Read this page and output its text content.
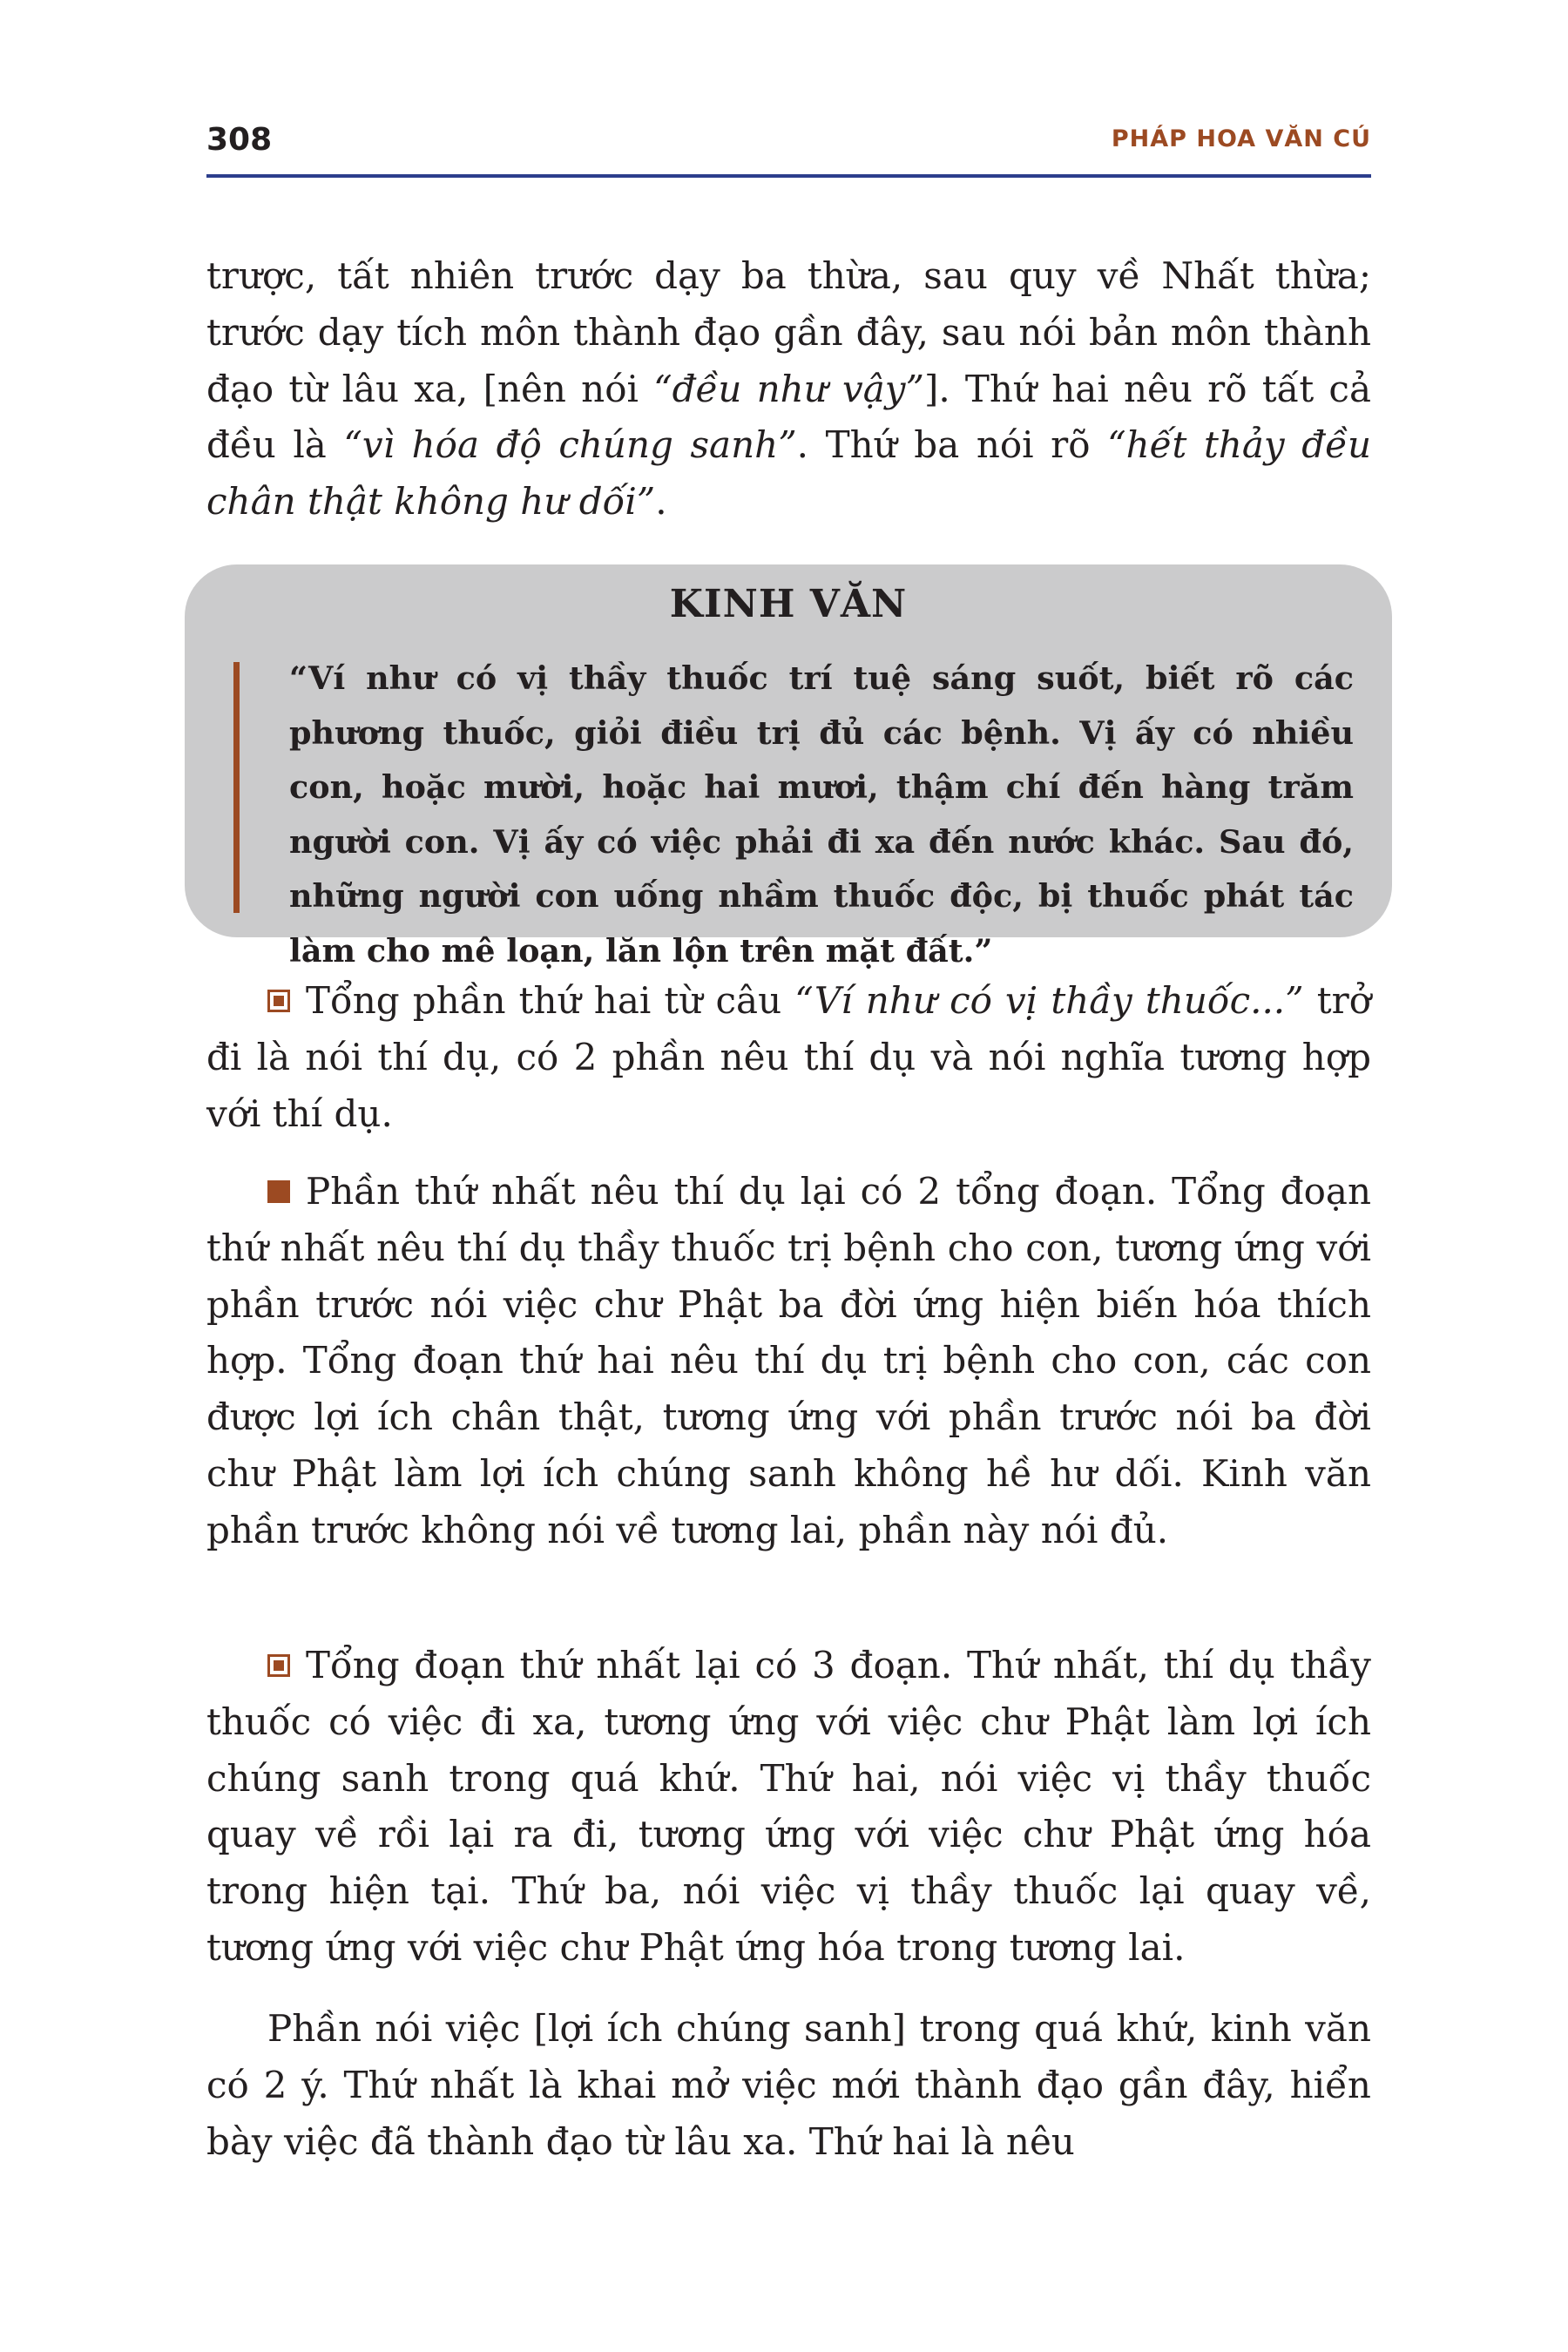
308	PHÁP HOA VĂN CÚ

trược, tất nhiên trước dạy ba thừa, sau quy về Nhất thừa; trước dạy tích môn thành đạo gần đây, sau nói bản môn thành đạo từ lâu xa, [nên nói “đều như vậy”]. Thứ hai nêu rõ tất cả đều là “vì hóa độ chúng sanh”. Thứ ba nói rõ “hết thảy đều chân thật không hư dối”.

KINH VĂN

“Ví như có vị thầy thuốc trí tuệ sáng suốt, biết rõ các phương thuốc, giỏi điều trị đủ các bệnh. Vị ấy có nhiều con, hoặc mười, hoặc hai mươi, thậm chí đến hàng trăm người con. Vị ấy có việc phải đi xa đến nước khác. Sau đó, những người con uống nhầm thuốc độc, bị thuốc phát tác làm cho mê loạn, lăn lộn trên mặt đất.”

Tổng phần thứ hai từ câu “Ví như có vị thầy thuốc...” trở đi là nói thí dụ, có 2 phần nêu thí dụ và nói nghĩa tương hợp với thí dụ.

Phần thứ nhất nêu thí dụ lại có 2 tổng đoạn. Tổng đoạn thứ nhất nêu thí dụ thầy thuốc trị bệnh cho con, tương ứng với phần trước nói việc chư Phật ba đời ứng hiện biến hóa thích hợp. Tổng đoạn thứ hai nêu thí dụ trị bệnh cho con, các con được lợi ích chân thật, tương ứng với phần trước nói ba đời chư Phật làm lợi ích chúng sanh không hề hư dối. Kinh văn phần trước không nói về tương lai, phần này nói đủ.

Tổng đoạn thứ nhất lại có 3 đoạn. Thứ nhất, thí dụ thầy thuốc có việc đi xa, tương ứng với việc chư Phật làm lợi ích chúng sanh trong quá khứ. Thứ hai, nói việc vị thầy thuốc quay về rồi lại ra đi, tương ứng với việc chư Phật ứng hóa trong hiện tại. Thứ ba, nói việc vị thầy thuốc lại quay về, tương ứng với việc chư Phật ứng hóa trong tương lai.

Phần nói việc [lợi ích chúng sanh] trong quá khứ, kinh văn có 2 ý. Thứ nhất là khai mở việc mới thành đạo gần đây, hiển bày việc đã thành đạo từ lâu xa. Thứ hai là nêu
